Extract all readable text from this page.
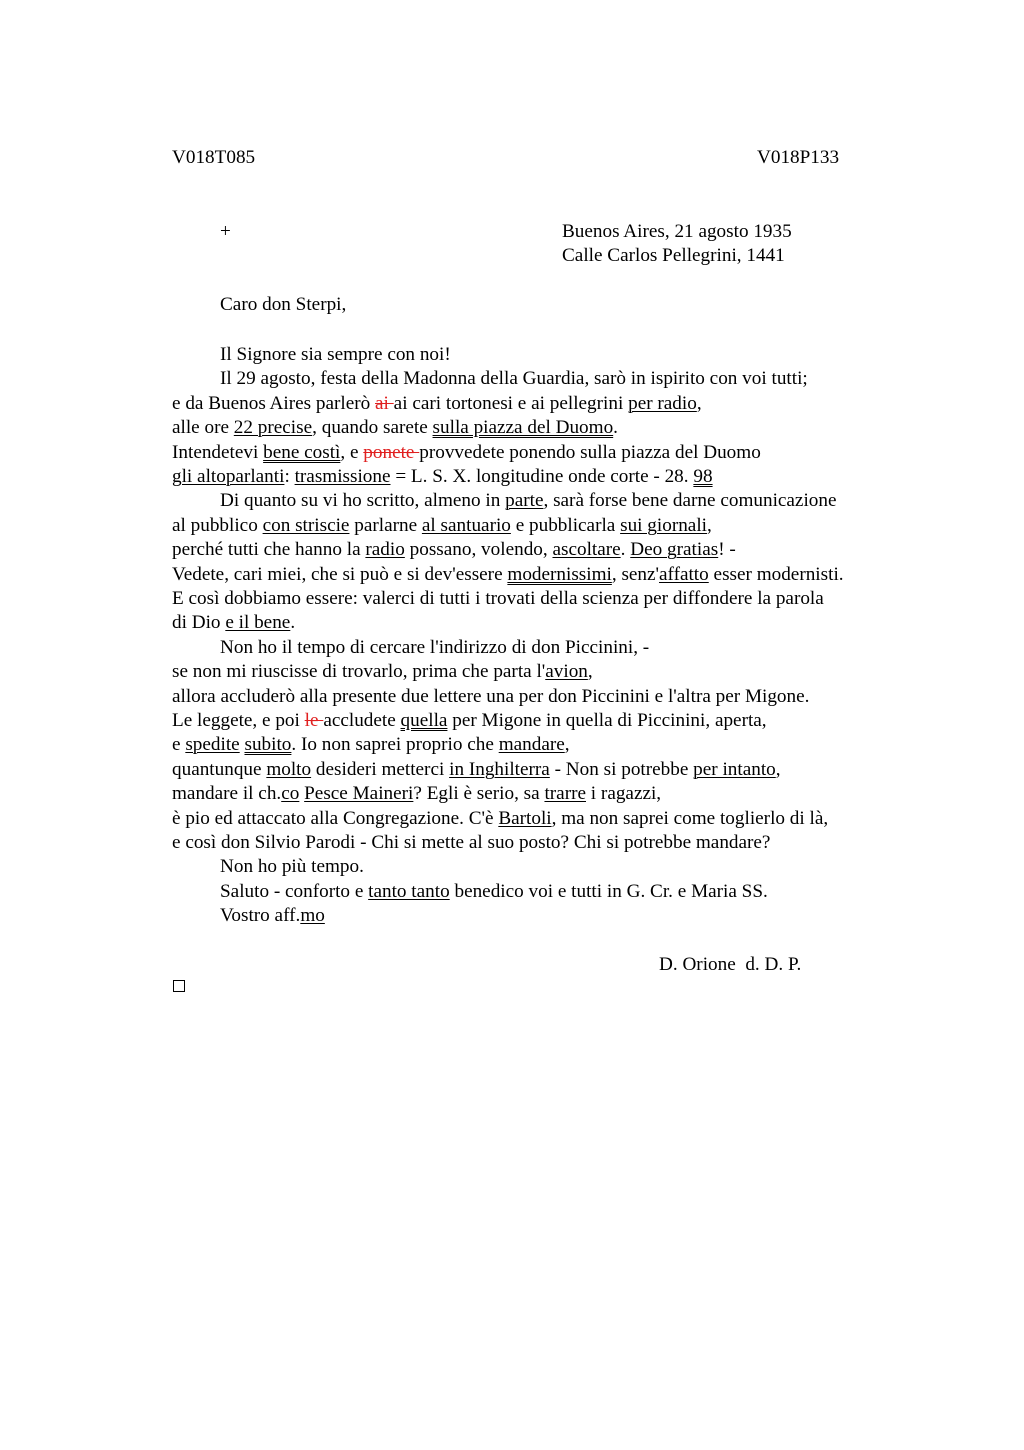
V018T085	V018P133
+	Buenos Aires, 21 agosto 1935
Calle Carlos Pellegrini, 1441
Caro don Sterpi,
Il Signore sia sempre con noi!
Il 29 agosto, festa della Madonna della Guardia, sarò in ispirito con voi tutti;
e da Buenos Aires parlerò ai ai cari tortonesi e ai pellegrini per radio,
alle ore 22 precise, quando sarete sulla piazza del Duomo.
Intendetevi bene costì, e ponete provvedete ponendo sulla piazza del Duomo
gli altoparlanti: trasmissione = L. S. X. longitudine onde corte - 28. 98
Di quanto su vi ho scritto, almeno in parte, sarà forse bene darne comunicazione
al pubblico con striscie parlarne al santuario e pubblicarla sui giornali,
perché tutti che hanno la radio possano, volendo, ascoltare. Deo gratias! -
Vedete, cari miei, che si può e si dev'essere modernissimi, senz'affatto esser modernisti.
E così dobbiamo essere: valerci di tutti i trovati della scienza per diffondere la parola
di Dio e il bene.
Non ho il tempo di cercare l'indirizzo di don Piccinini, -
se non mi riuscisse di trovarlo, prima che parta l'avion,
allora accluderò alla presente due lettere una per don Piccinini e l'altra per Migone.
Le leggete, e poi le accludete quella per Migone in quella di Piccinini, aperta,
e spedite subito. Io non saprei proprio che mandare,
quantunque molto desideri metterci in Inghilterra - Non si potrebbe per intanto,
mandare il ch.co Pesce Maineri? Egli è serio, sa trarre i ragazzi,
è pio ed attaccato alla Congregazione. C'è Bartoli, ma non saprei come toglierlo di là,
e così don Silvio Parodi - Chi si mette al suo posto? Chi si potrebbe mandare?
Non ho più tempo.
Saluto - conforto e tanto tanto benedico voi e tutti in G. Cr. e Maria SS.
Vostro aff.mo
D. Orione  d. D. P.
